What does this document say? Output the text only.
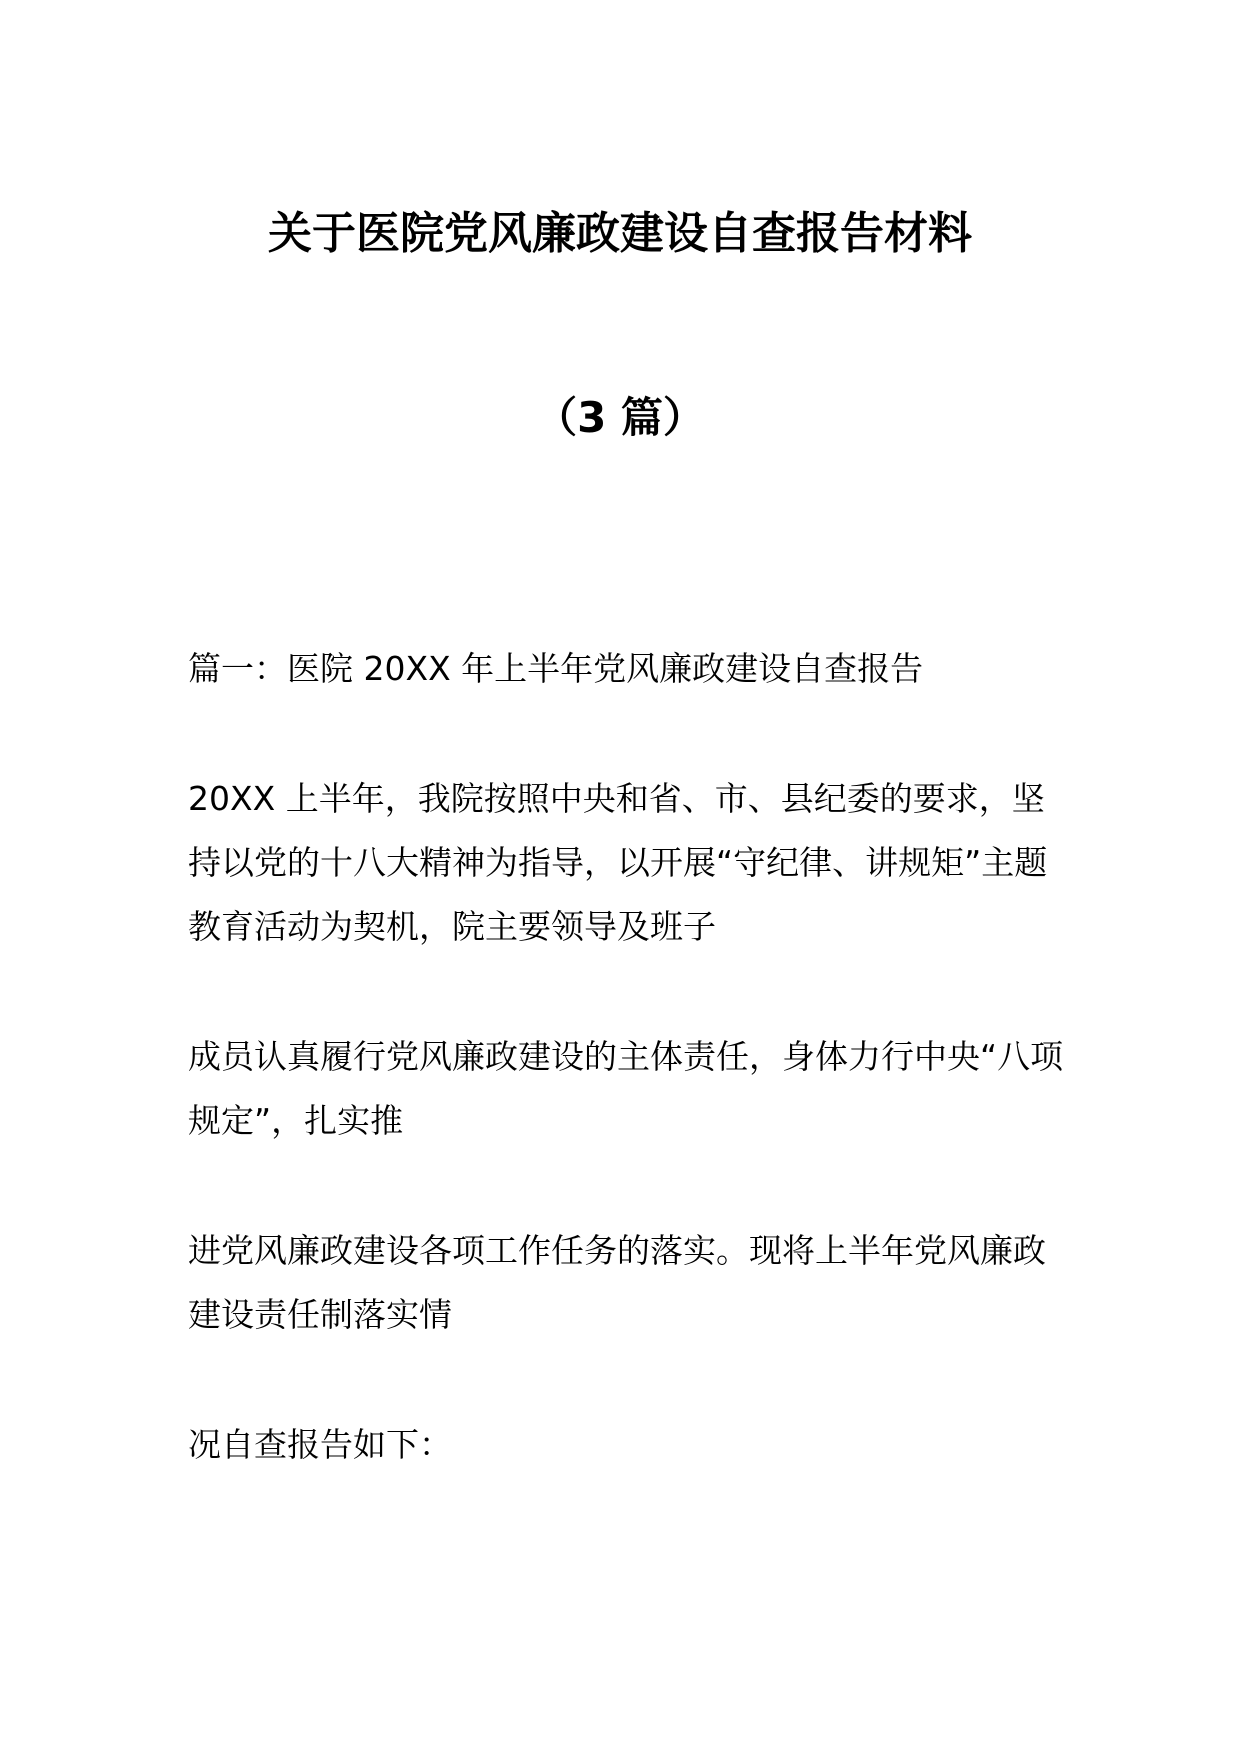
关于医院党风廉政建设自查报告材料
（3 篇）

篇一：医院 20XX 年上半年党风廉政建设自查报告

20XX 上半年，我院按照中央和省、市、县纪委的要求，坚持以党的十八大精神为指导，以开展“守纪律、讲规矩”主题教育活动为契机，院主要领导及班子

成员认真履行党风廉政建设的主体责任，身体力行中央“八项规定”，扎实推

进党风廉政建设各项工作任务的落实。现将上半年党风廉政建设责任制落实情

况自查报告如下：
